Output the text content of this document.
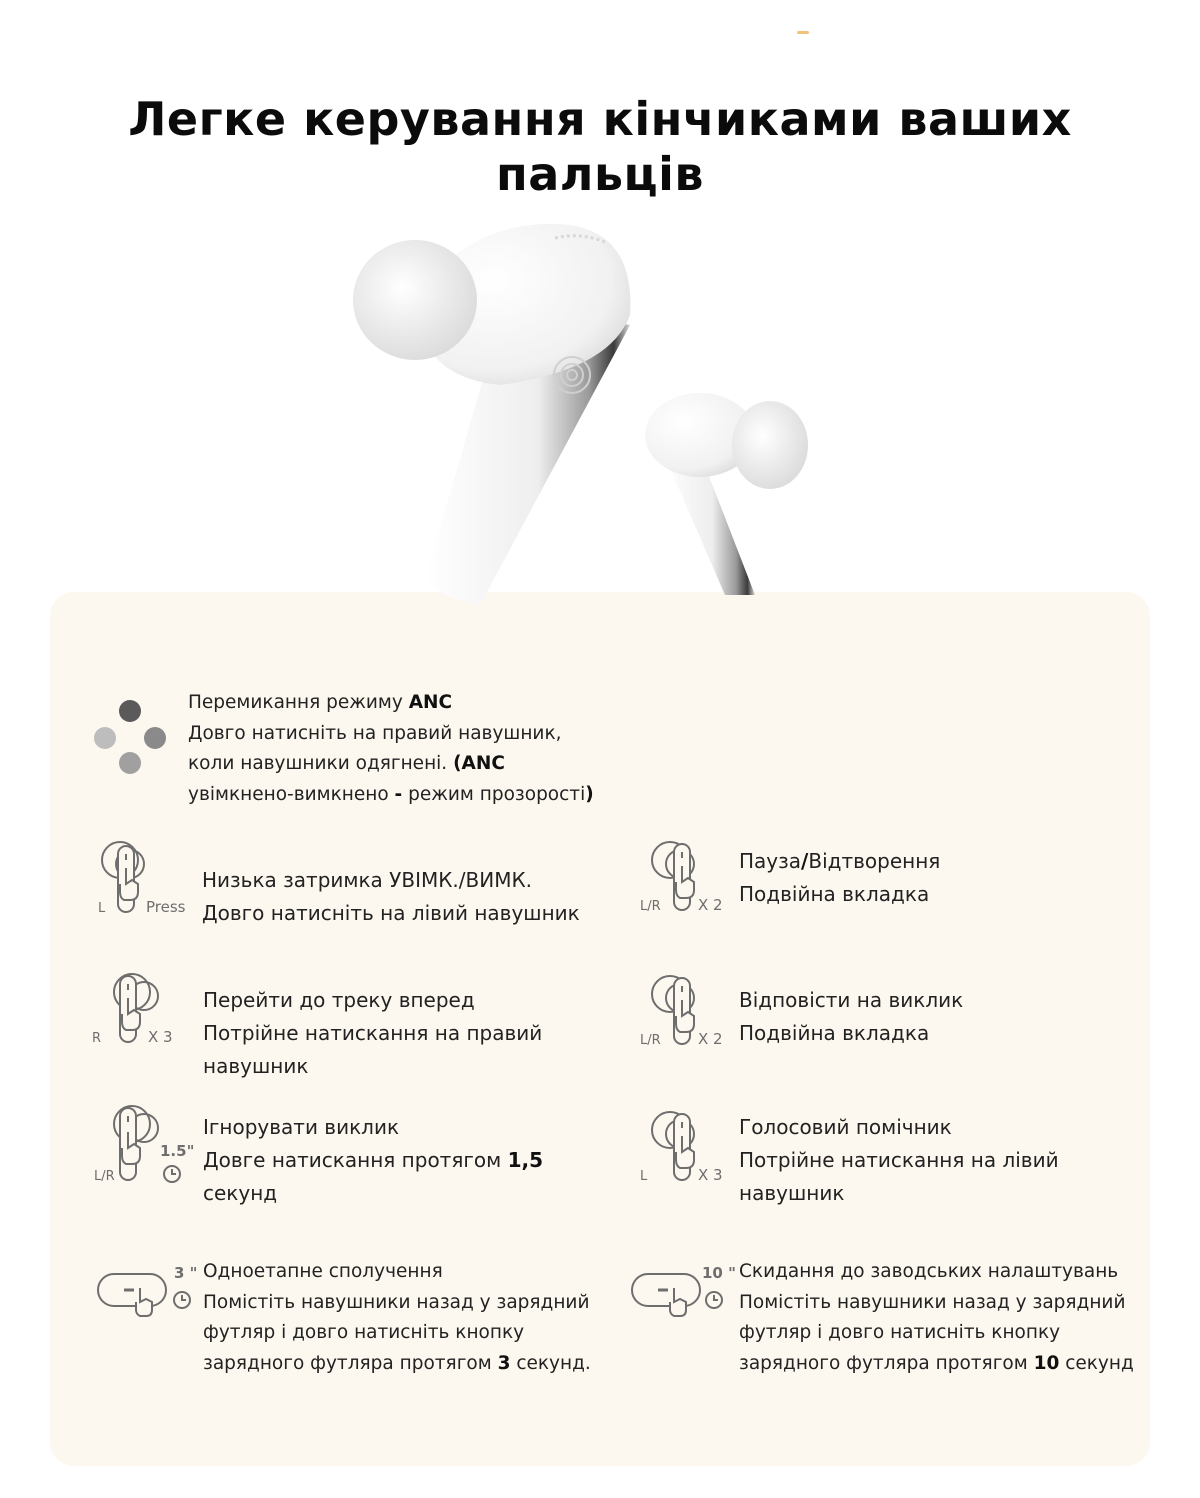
Легке керування кінчиками ваших
пальців
Перемикання режиму ANC
Довго натисніть на правий навушник,
коли навушники одягнені. (ANC
увімкнено-вимкнено - режим прозорості)
L	Press
Низька затримка УВІМК./ВИМК.
Довго натисніть на лівий навушник	L/R X 2
Пауза/Відтворення
Подвійна вкладка
R	X 3
Перейти до треку вперед
Потрійне натискання на правий
навушник
L/R X 2
Відповісти на виклик
Подвійна вкладка
L/R
1.5"
Ігнорувати виклик
Довге натискання протягом 1,5
секунд
L	X 3
Голосовий помічник
Потрійне натискання на лівий
навушник
3 " Одноетапне сполучення
Помістіть навушники назад у зарядний
футляр і довго натисніть кнопку
зарядного футляра протягом 3 секунд.
10 " Скидання до заводських налаштувань
Помістіть навушники назад у зарядний
футляр і довго натисніть кнопку
зарядного футляра протягом 10 секунд
